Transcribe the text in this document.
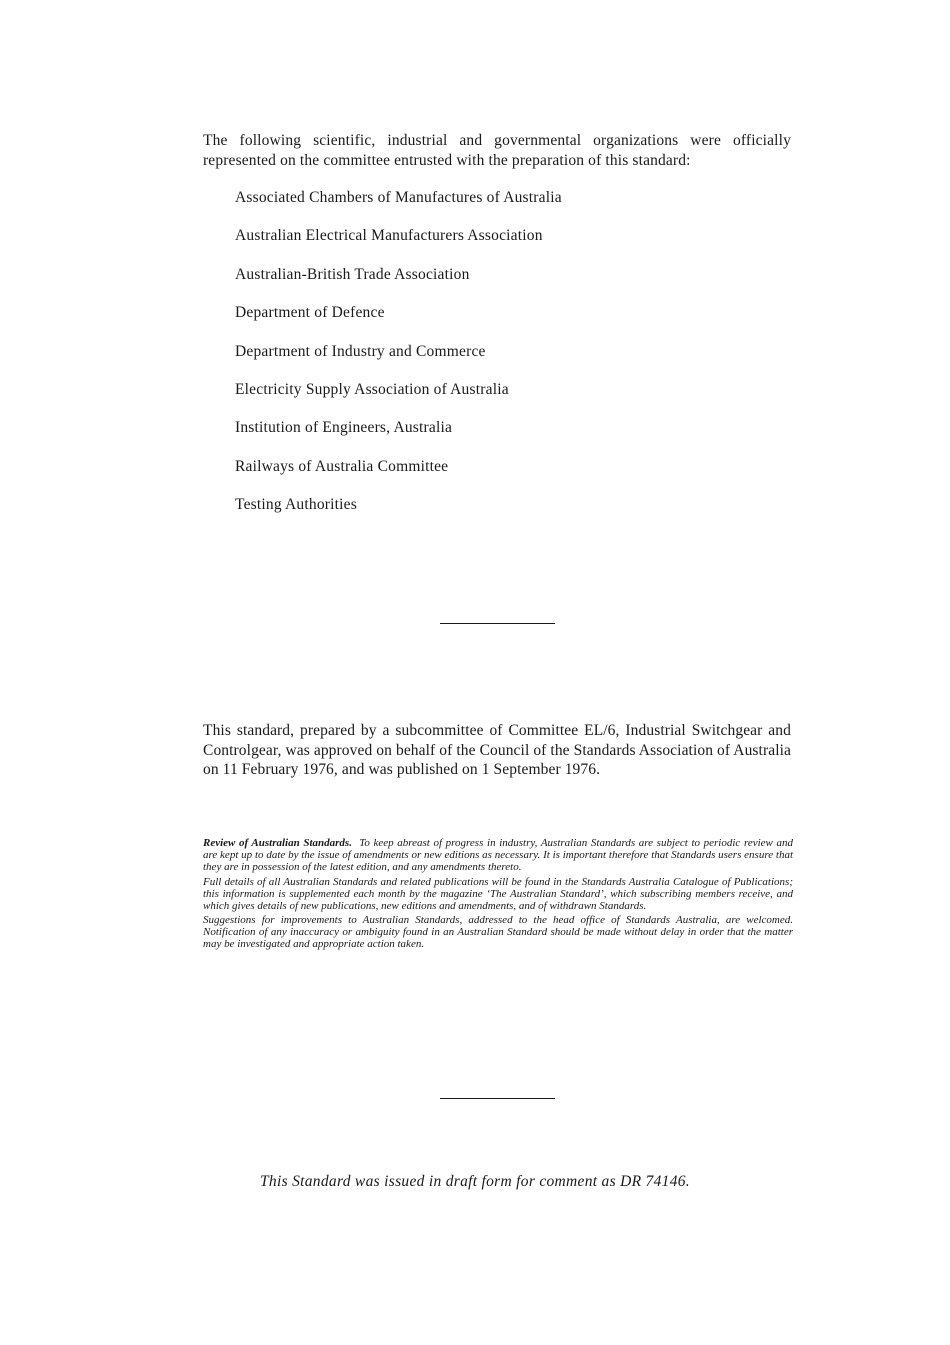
The following scientific, industrial and governmental organizations were officially represented on the committee entrusted with the preparation of this standard:

Associated Chambers of Manufactures of Australia
Australian Electrical Manufacturers Association
Australian-British Trade Association
Department of Defence
Department of Industry and Commerce
Electricity Supply Association of Australia
Institution of Engineers, Australia
Railways of Australia Committee
Testing Authorities

This standard, prepared by a subcommittee of Committee EL/6, Industrial Switchgear and Controlgear, was approved on behalf of the Council of the Standards Association of Australia on 11 February 1976, and was published on 1 September 1976.

Review of Australian Standards. To keep abreast of progress in industry, Australian Standards are subject to periodic review and are kept up to date by the issue of amendments or new editions as necessary. It is important therefore that Standards users ensure that they are in possession of the latest edition, and any amendments thereto.

Full details of all Australian Standards and related publications will be found in the Standards Australia Catalogue of Publications; this information is supplemented each month by the magazine ‘The Australian Standard’, which subscribing members receive, and which gives details of new publications, new editions and amendments, and of withdrawn Standards.

Suggestions for improvements to Australian Standards, addressed to the head office of Standards Australia, are welcomed. Notification of any inaccuracy or ambiguity found in an Australian Standard should be made without delay in order that the matter may be investigated and appropriate action taken.

This Standard was issued in draft form for comment as DR 74146.
